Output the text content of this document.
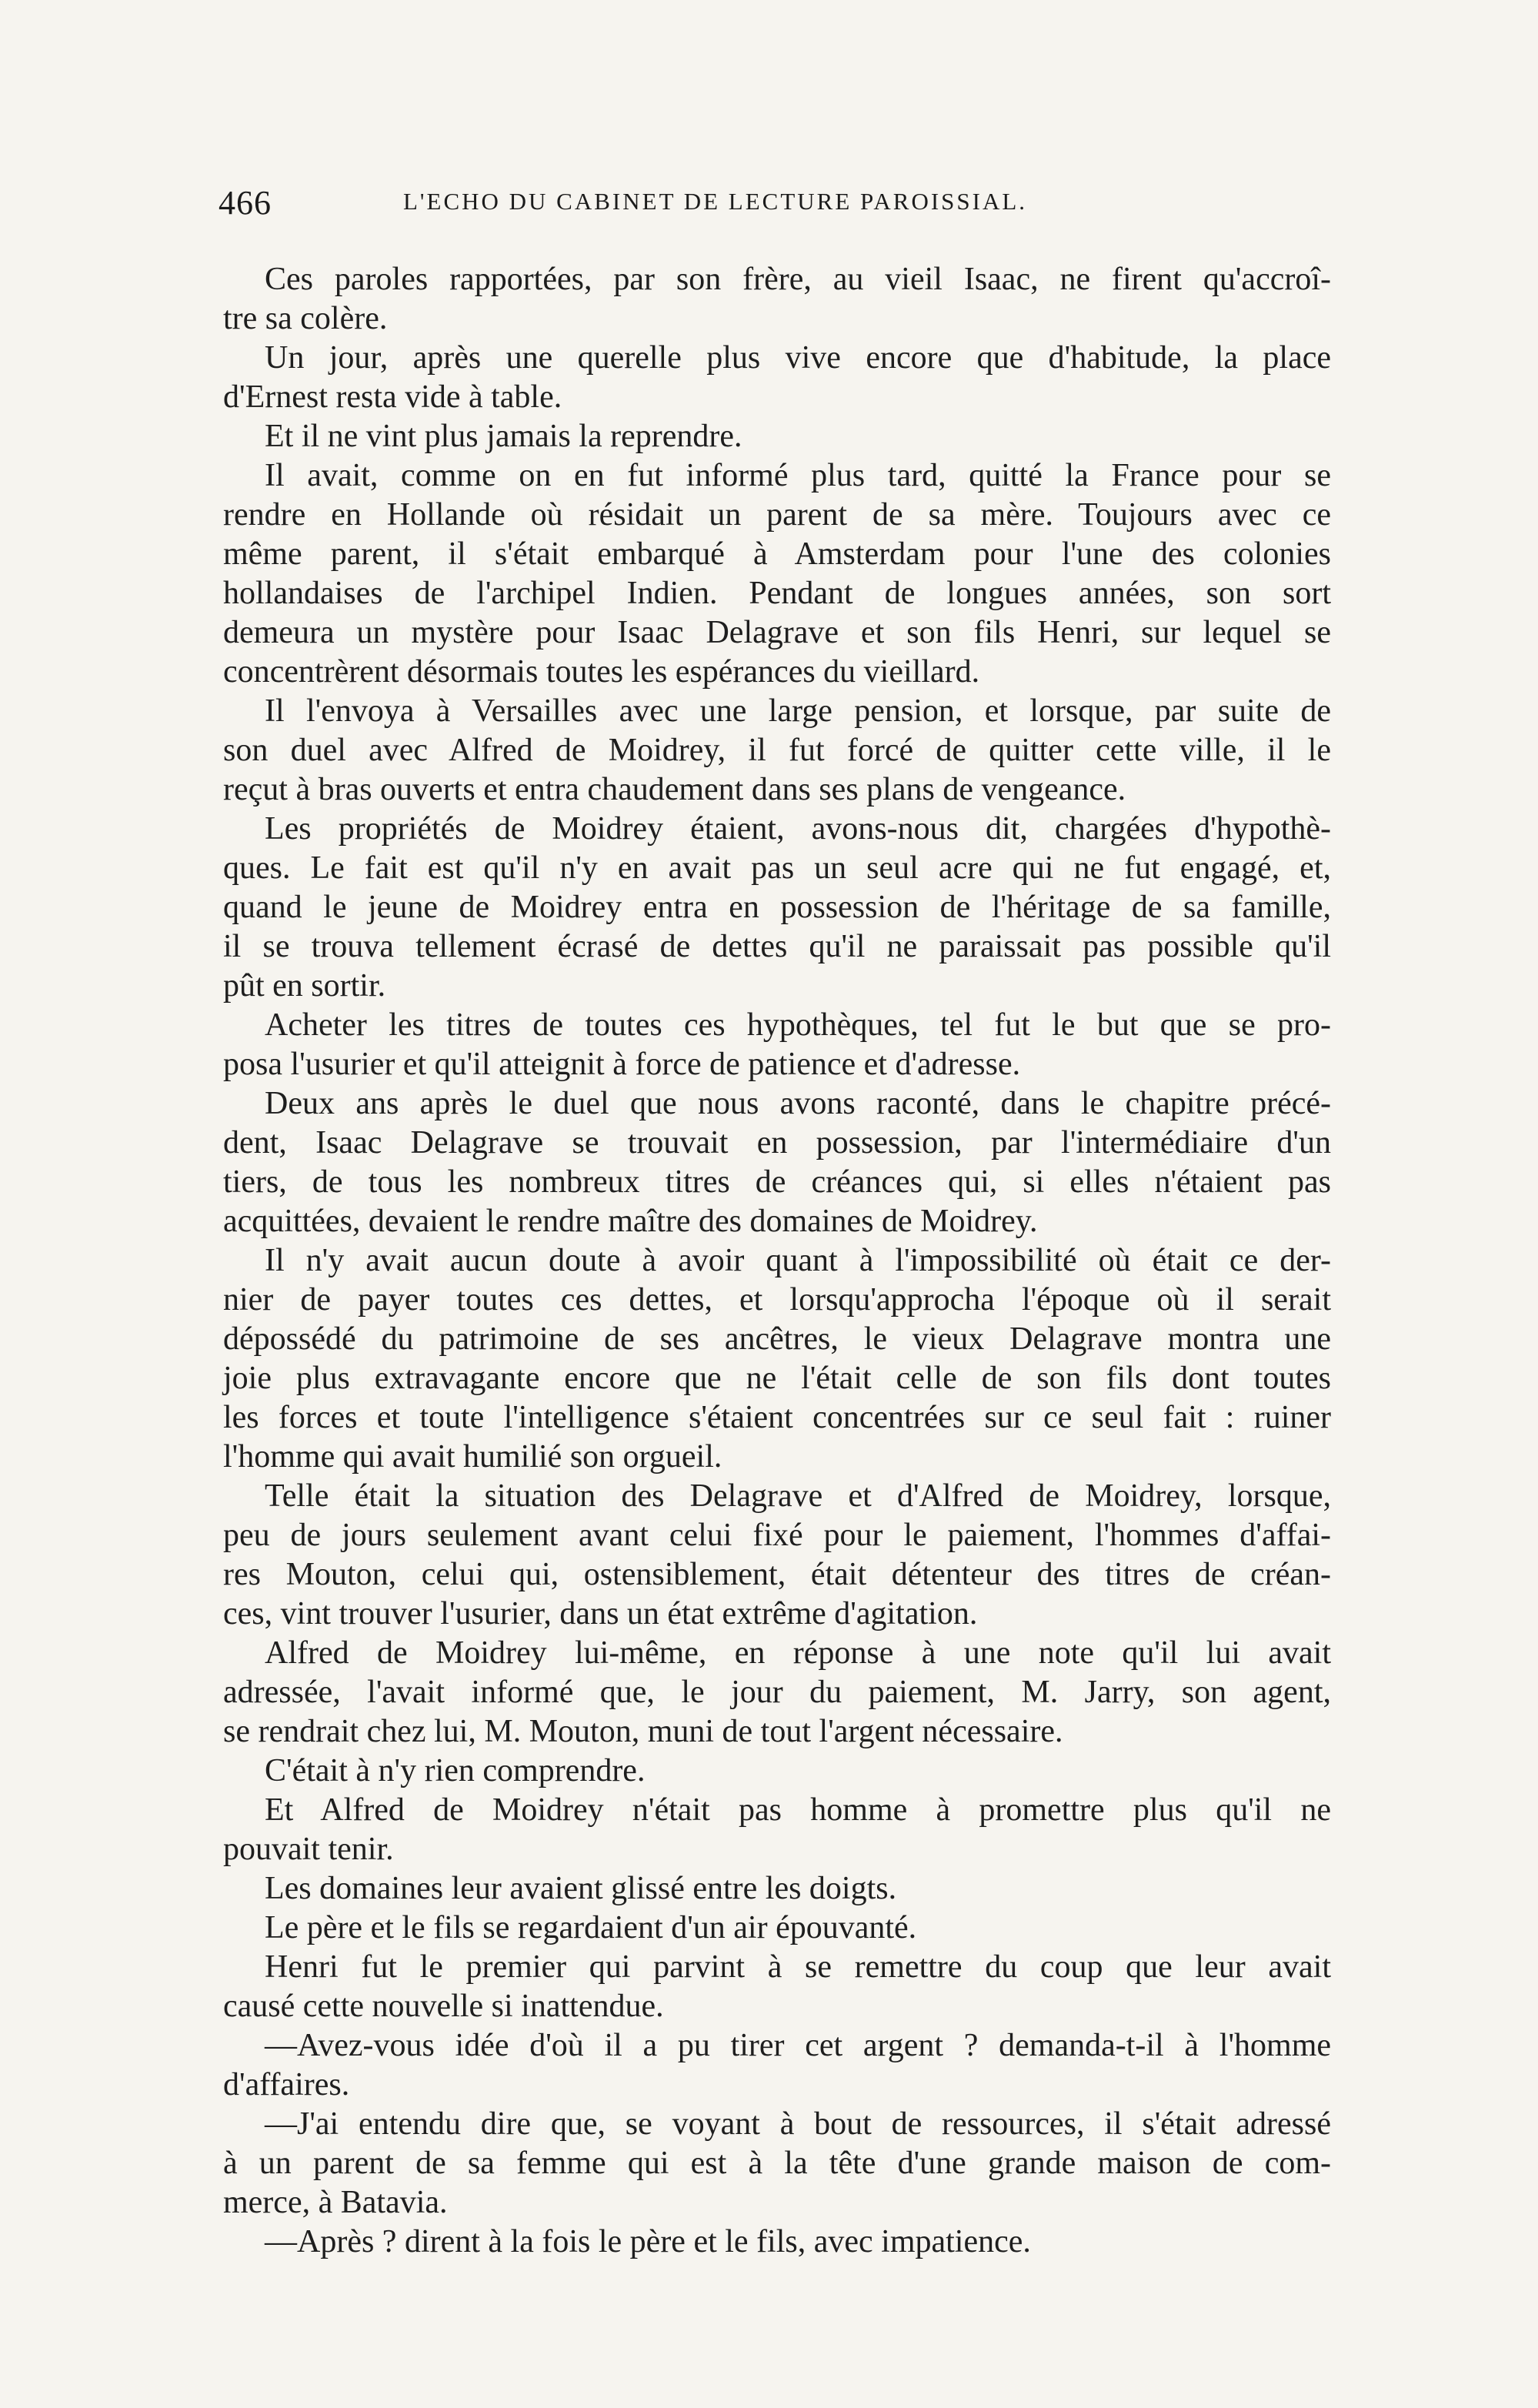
466	L'ECHO DU CABINET DE LECTURE PAROISSIAL.
Ces paroles rapportées, par son frère, au vieil Isaac, ne firent qu'accroî-
tre sa colère.
Un jour, après une querelle plus vive encore que d'habitude, la place
d'Ernest resta vide à table.
Et il ne vint plus jamais la reprendre.
Il avait, comme on en fut informé plus tard, quitté la France pour se
rendre en Hollande où résidait un parent de sa mère. Toujours avec ce
même parent, il s'était embarqué à Amsterdam pour l'une des colonies
hollandaises de l'archipel Indien. Pendant de longues années, son sort
demeura un mystère pour Isaac Delagrave et son fils Henri, sur lequel se
concentrèrent désormais toutes les espérances du vieillard.
Il l'envoya à Versailles avec une large pension, et lorsque, par suite de
son duel avec Alfred de Moidrey, il fut forcé de quitter cette ville, il le
reçut à bras ouverts et entra chaudement dans ses plans de vengeance.
Les propriétés de Moidrey étaient, avons-nous dit, chargées d'hypothè-
ques. Le fait est qu'il n'y en avait pas un seul acre qui ne fut engagé, et,
quand le jeune de Moidrey entra en possession de l'héritage de sa famille,
il se trouva tellement écrasé de dettes qu'il ne paraissait pas possible qu'il
pût en sortir.
Acheter les titres de toutes ces hypothèques, tel fut le but que se pro-
posa l'usurier et qu'il atteignit à force de patience et d'adresse.
Deux ans après le duel que nous avons raconté, dans le chapitre précé-
dent, Isaac Delagrave se trouvait en possession, par l'intermédiaire d'un
tiers, de tous les nombreux titres de créances qui, si elles n'étaient pas
acquittées, devaient le rendre maître des domaines de Moidrey.
Il n'y avait aucun doute à avoir quant à l'impossibilité où était ce der-
nier de payer toutes ces dettes, et lorsqu'approcha l'époque où il serait
dépossédé du patrimoine de ses ancêtres, le vieux Delagrave montra une
joie plus extravagante encore que ne l'était celle de son fils dont toutes
les forces et toute l'intelligence s'étaient concentrées sur ce seul fait : ruiner
l'homme qui avait humilié son orgueil.
Telle était la situation des Delagrave et d'Alfred de Moidrey, lorsque,
peu de jours seulement avant celui fixé pour le paiement, l'hommes d'affai-
res Mouton, celui qui, ostensiblement, était détenteur des titres de créan-
ces, vint trouver l'usurier, dans un état extrême d'agitation.
Alfred de Moidrey lui-même, en réponse à une note qu'il lui avait
adressée, l'avait informé que, le jour du paiement, M. Jarry, son agent,
se rendrait chez lui, M. Mouton, muni de tout l'argent nécessaire.
C'était à n'y rien comprendre.
Et Alfred de Moidrey n'était pas homme à promettre plus qu'il ne
pouvait tenir.
Les domaines leur avaient glissé entre les doigts.
Le père et le fils se regardaient d'un air épouvanté.
Henri fut le premier qui parvint à se remettre du coup que leur avait
causé cette nouvelle si inattendue.
—Avez-vous idée d'où il a pu tirer cet argent ? demanda-t-il à l'homme
d'affaires.
—J'ai entendu dire que, se voyant à bout de ressources, il s'était adressé
à un parent de sa femme qui est à la tête d'une grande maison de com-
merce, à Batavia.
—Après ? dirent à la fois le père et le fils, avec impatience.
